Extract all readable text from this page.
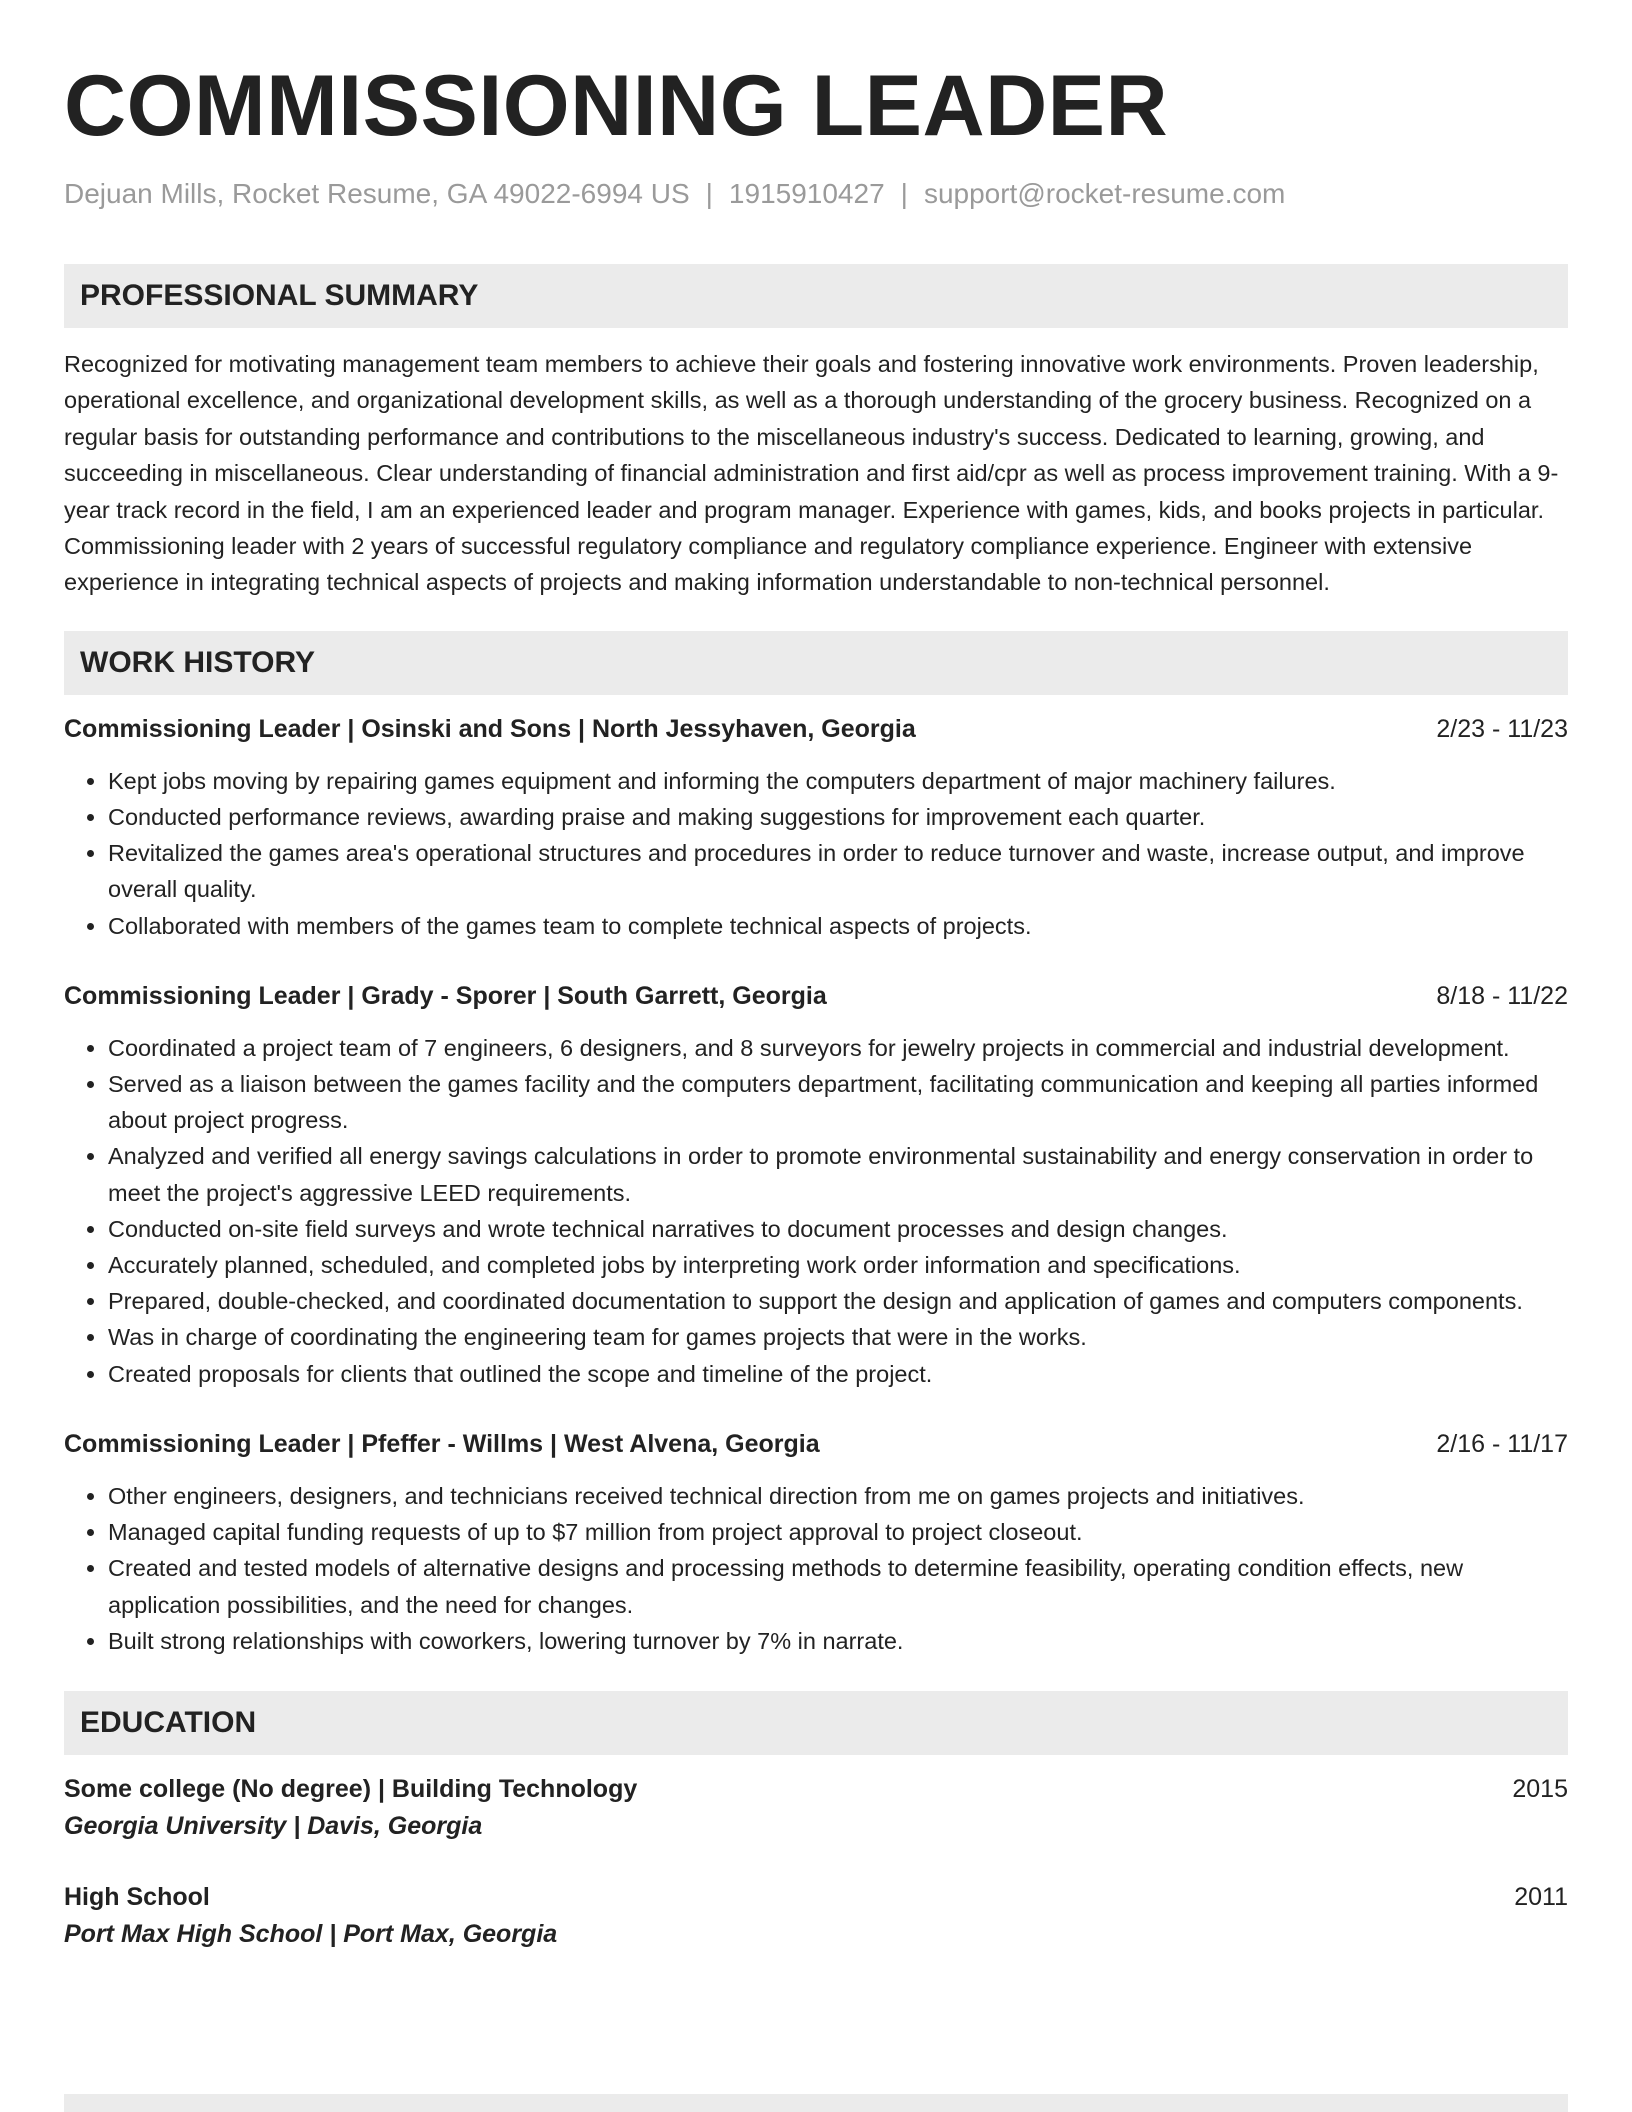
COMMISSIONING LEADER
Dejuan Mills, Rocket Resume, GA 49022-6994 US | 1915910427 | support@rocket-resume.com
PROFESSIONAL SUMMARY

Recognized for motivating management team members to achieve their goals and fostering innovative work environments. Proven leadership, operational excellence, and organizational development skills, as well as a thorough understanding of the grocery business. Recognized on a regular basis for outstanding performance and contributions to the miscellaneous industry's success. Dedicated to learning, growing, and succeeding in miscellaneous. Clear understanding of financial administration and first aid/cpr as well as process improvement training. With a 9-year track record in the field, I am an experienced leader and program manager. Experience with games, kids, and books projects in particular. Commissioning leader with 2 years of successful regulatory compliance and regulatory compliance experience. Engineer with extensive experience in integrating technical aspects of projects and making information understandable to non-technical personnel.

WORK HISTORY
Commissioning Leader | Osinski and Sons | North Jessyhaven, Georgia	2/23 - 11/23
• Kept jobs moving by repairing games equipment and informing the computers department of major machinery failures.
• Conducted performance reviews, awarding praise and making suggestions for improvement each quarter.
• Revitalized the games area's operational structures and procedures in order to reduce turnover and waste, increase output, and improve overall quality.
• Collaborated with members of the games team to complete technical aspects of projects.
Commissioning Leader | Grady - Sporer | South Garrett, Georgia	8/18 - 11/22
• Coordinated a project team of 7 engineers, 6 designers, and 8 surveyors for jewelry projects in commercial and industrial development.
• Served as a liaison between the games facility and the computers department, facilitating communication and keeping all parties informed about project progress.
• Analyzed and verified all energy savings calculations in order to promote environmental sustainability and energy conservation in order to meet the project's aggressive LEED requirements.
• Conducted on-site field surveys and wrote technical narratives to document processes and design changes.
• Accurately planned, scheduled, and completed jobs by interpreting work order information and specifications.
• Prepared, double-checked, and coordinated documentation to support the design and application of games and computers components.
• Was in charge of coordinating the engineering team for games projects that were in the works.
• Created proposals for clients that outlined the scope and timeline of the project.
Commissioning Leader | Pfeffer - Willms | West Alvena, Georgia	2/16 - 11/17
• Other engineers, designers, and technicians received technical direction from me on games projects and initiatives.
• Managed capital funding requests of up to $7 million from project approval to project closeout.
• Created and tested models of alternative designs and processing methods to determine feasibility, operating condition effects, new application possibilities, and the need for changes.
• Built strong relationships with coworkers, lowering turnover by 7% in narrate.
EDUCATION
Some college (No degree) | Building Technology	2015
Georgia University | Davis, Georgia
High School	2011
Port Max High School | Port Max, Georgia
